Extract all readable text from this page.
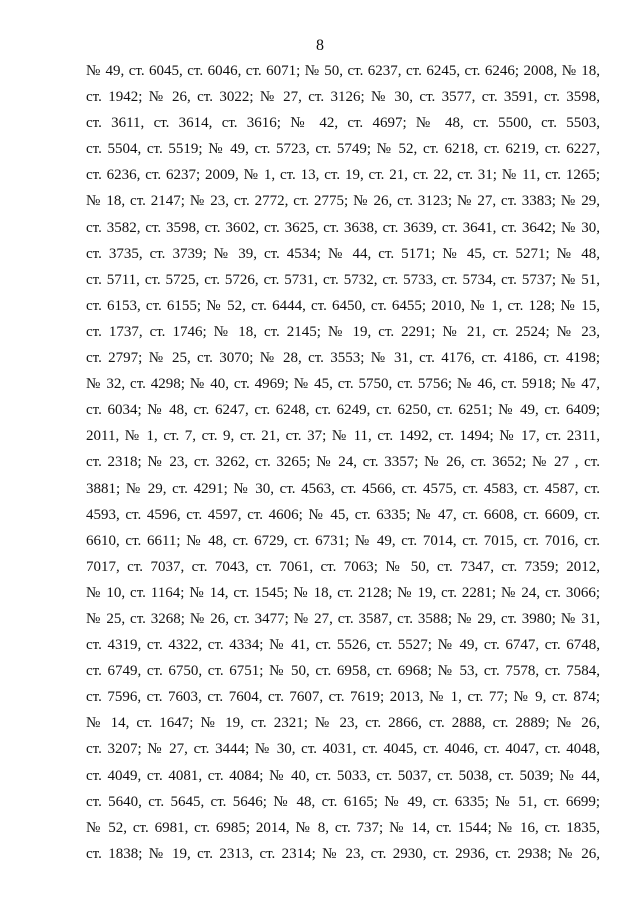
8
№ 49, ст. 6045, ст. 6046, ст. 6071; № 50, ст. 6237, ст. 6245, ст. 6246; 2008, № 18,
ст. 1942; № 26, ст. 3022; № 27, ст. 3126; № 30, ст. 3577, ст. 3591, ст. 3598,
ст. 3611, ст. 3614, ст. 3616; № 42, ст. 4697; № 48, ст. 5500, ст. 5503,
ст. 5504, ст. 5519; № 49, ст. 5723, ст. 5749; № 52, ст. 6218, ст. 6219, ст. 6227,
ст. 6236, ст. 6237; 2009, № 1, ст. 13, ст. 19, ст. 21, ст. 22, ст. 31; № 11, ст. 1265;
№ 18, ст. 2147; № 23, ст. 2772, ст. 2775; № 26, ст. 3123; № 27, ст. 3383; № 29,
ст. 3582, ст. 3598, ст. 3602, ст. 3625, ст. 3638, ст. 3639, ст. 3641, ст. 3642; № 30,
ст. 3735, ст. 3739; № 39, ст. 4534; № 44, ст. 5171; № 45, ст. 5271; № 48,
ст. 5711, ст. 5725, ст. 5726, ст. 5731, ст. 5732, ст. 5733, ст. 5734, ст. 5737; № 51,
ст. 6153, ст. 6155; № 52, ст. 6444, ст. 6450, ст. 6455; 2010, № 1, ст. 128; № 15,
ст. 1737, ст. 1746; № 18, ст. 2145; № 19, ст. 2291; № 21, ст. 2524; № 23,
ст. 2797; № 25, ст. 3070; № 28, ст. 3553; № 31, ст. 4176, ст. 4186, ст. 4198;
№ 32, ст. 4298; № 40, ст. 4969; № 45, ст. 5750, ст. 5756; № 46, ст. 5918; № 47,
ст. 6034; № 48, ст. 6247, ст. 6248, ст. 6249, ст. 6250, ст. 6251; № 49, ст. 6409;
2011, № 1, ст. 7, ст. 9, ст. 21, ст. 37; № 11, ст. 1492, ст. 1494; № 17, ст. 2311,
ст. 2318; № 23, ст. 3262, ст. 3265; № 24, ст. 3357; № 26, ст. 3652; № 27 , ст.
3881; № 29, ст. 4291; № 30, ст. 4563, ст. 4566, ст. 4575, ст. 4583, ст. 4587, ст.
4593, ст. 4596, ст. 4597, ст. 4606; № 45, ст. 6335; № 47, ст. 6608, ст. 6609, ст.
6610, ст. 6611; № 48, ст. 6729, ст. 6731; № 49, ст. 7014, ст. 7015, ст. 7016, ст.
7017, ст. 7037, ст. 7043, ст. 7061, ст. 7063; № 50, ст. 7347, ст. 7359; 2012,
№ 10, ст. 1164; № 14, ст. 1545; № 18, ст. 2128; № 19, ст. 2281; № 24, ст. 3066;
№ 25, ст. 3268; № 26, ст. 3477; № 27, ст. 3587, ст. 3588; № 29, ст. 3980; № 31,
ст. 4319, ст. 4322, ст. 4334; № 41, ст. 5526, ст. 5527; № 49, ст. 6747, ст. 6748,
ст. 6749, ст. 6750, ст. 6751; № 50, ст. 6958, ст. 6968; № 53, ст. 7578, ст. 7584,
ст. 7596, ст. 7603, ст. 7604, ст. 7607, ст. 7619; 2013, № 1, ст. 77; № 9, ст. 874;
№ 14, ст. 1647; № 19, ст. 2321; № 23, ст. 2866, ст. 2888, ст. 2889; № 26,
ст. 3207; № 27, ст. 3444; № 30, ст. 4031, ст. 4045, ст. 4046, ст. 4047, ст. 4048,
ст. 4049, ст. 4081, ст. 4084; № 40, ст. 5033, ст. 5037, ст. 5038, ст. 5039; № 44,
ст. 5640, ст. 5645, ст. 5646; № 48, ст. 6165; № 49, ст. 6335; № 51, ст. 6699;
№ 52, ст. 6981, ст. 6985; 2014, № 8, ст. 737; № 14, ст. 1544; № 16, ст. 1835,
ст. 1838; № 19, ст. 2313, ст. 2314; № 23, ст. 2930, ст. 2936, ст. 2938; № 26,
